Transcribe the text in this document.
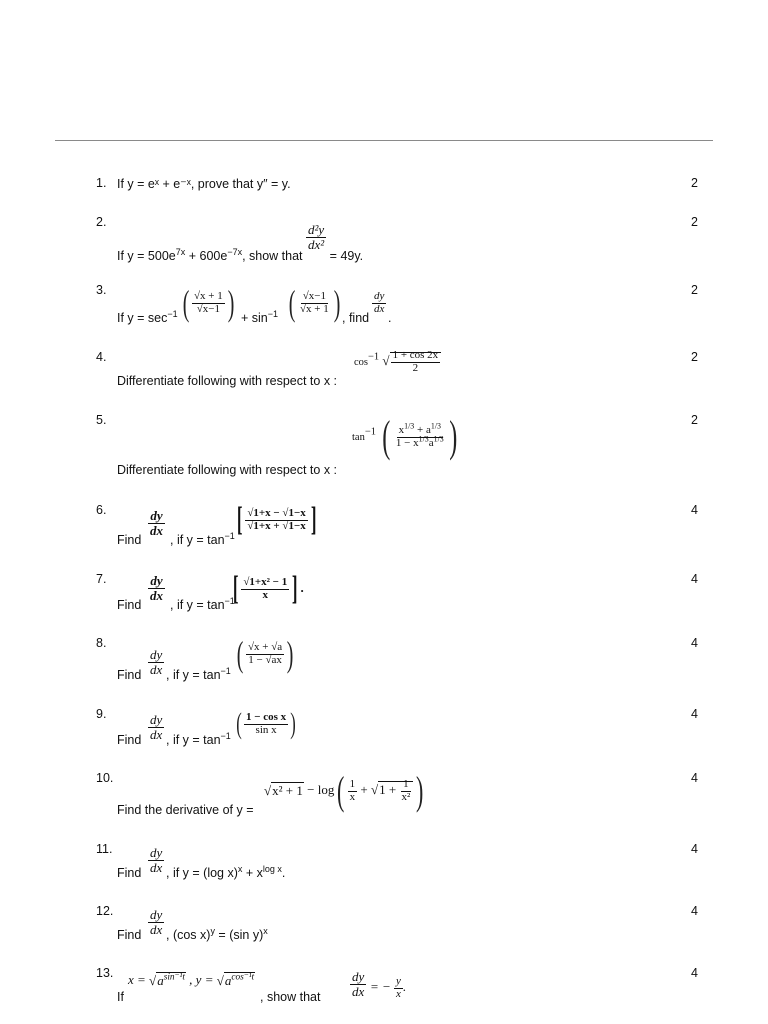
1. If y = eˣ + e⁻ˣ, prove that y″ = y.	2
2.	2
If $y = 500e^{7x} + 600e^{-7x}$, show that
$\frac{\text{d²y}}{\text{dx²}}$
= 49y.
3.	2
If $y = \sec^{-1}$ ( $\frac{√x + 1}{√x-1}$ ) + $\sin^{-1}$ ( $\frac{√x-1}{√x + 1}$ ) , find
$\frac{dy}{dx}$
.
4.	2
Differentiate following with respect to x :
$\cos^{-1}$ √ $\frac{1 + \cos 2x}{2}$
5.	2
Differentiate following with respect to x :
$\tan^{-1}$ ( $\frac{x^{1/3} + a^{1/3}}{1 - x^{1/3}a^{1/3}}$ )
6.	4
Find
$\frac{dy}{dx}$
, if $y = \tan^{-1}$ [ $\frac{√1+x - √1-x}{√1+x + √1-x}$ ]
7.	4
Find
$\frac{dy}{dx}$
, if $y = \tan^{-1}$
[ $\frac{\text{√1+x² − 1}}{x}$ ] .
8.	4
Find $\frac{dy}{dx}$ , if $y = \tan^{-1}$ ( $\frac{√x + √a}{1 - √ax}$ )
9.	4
Find $\frac{dy}{dx}$ , if $y = \tan^{-1}$ ( $\frac{\text{1 − cos x}}{\text{sin x}}$ )
10.	4
Find the derivative of y =
$√x^2 + 1 - \log( \frac{1}{x} + √1 + \frac{1}{\text{x²}}$ )
11.	4
Find $\frac{dy}{dx}$ , if y = (log $x)^x + x^{log x}$.
12.	4
Find $\frac{dy}{dx}$ , (cos x)$^y$ = (sin y)$^x$
13.	4
If
$x = √a^{sin^{-1}t}$ , $y = √a^{cos^{-1}t}$
, show that $\frac{dy}{dx}$ = − $\frac{y}{x}$ .
